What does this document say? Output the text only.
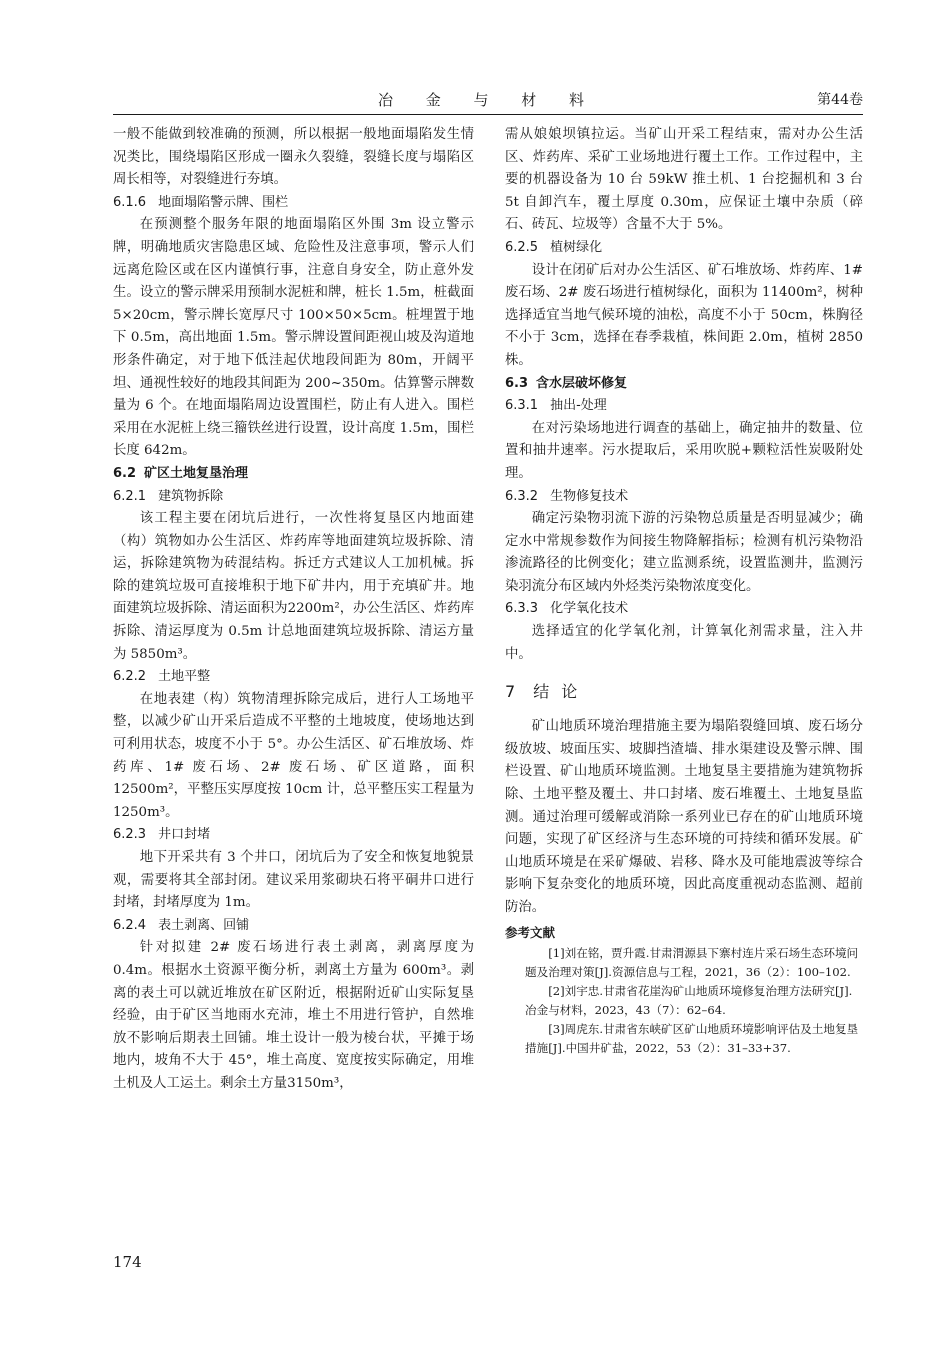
冶 金 与 材 料	第44卷

一般不能做到较准确的预测，所以根据一般地面塌陷发生情况类比，围绕塌陷区形成一圈永久裂缝，裂缝长度与塌陷区周长相等，对裂缝进行夯填。

6.1.6 地面塌陷警示牌、围栏

在预测整个服务年限的地面塌陷区外围 3m 设立警示牌，明确地质灾害隐患区域、危险性及注意事项，警示人们远离危险区或在区内谨慎行事，注意自身安全，防止意外发生。设立的警示牌采用预制水泥桩和牌，桩长 1.5m，桩截面 5×20cm，警示牌长宽厚尺寸 100×50×5cm。桩埋置于地下 0.5m，高出地面 1.5m。警示牌设置间距视山坡及沟道地形条件确定，对于地下低洼起伏地段间距为 80m，开阔平坦、通视性较好的地段其间距为 200~350m。估算警示牌数量为 6 个。在地面塌陷周边设置围栏，防止有人进入。围栏采用在水泥桩上绕三籀铁丝进行设置，设计高度 1.5m，围栏长度 642m。

6.2 矿区土地复垦治理
6.2.1 建筑物拆除

该工程主要在闭坑后进行，一次性将复垦区内地面建（构）筑物如办公生活区、炸药库等地面建筑垃圾拆除、清运，拆除建筑物为砖混结构。拆迁方式建议人工加机械。拆除的建筑垃圾可直接堆积于地下矿井内，用于充填矿井。地面建筑垃圾拆除、清运面积为2200m²，办公生活区、炸药库拆除、清运厚度为 0.5m 计总地面建筑垃圾拆除、清运方量为 5850m³。

6.2.2 土地平整

在地表建（构）筑物清理拆除完成后，进行人工场地平整，以减少矿山开采后造成不平整的土地坡度，使场地达到可利用状态，坡度不小于 5°。办公生活区、矿石堆放场、炸药库、1# 废石场、2# 废石场、矿区道路，面积 12500m²，平整压实厚度按 10cm 计，总平整压实工程量为 1250m³。

6.2.3 井口封堵

地下开采共有 3 个井口，闭坑后为了安全和恢复地貌景观，需要将其全部封闭。建议采用浆砌块石将平硐井口进行封堵，封堵厚度为 1m。

6.2.4 表土剥离、回铺

针对拟建 2# 废石场进行表土剥离，剥离厚度为 0.4m。根据水土资源平衡分析，剥离土方量为 600m³。剥离的表土可以就近堆放在矿区附近，根据附近矿山实际复垦经验，由于矿区当地雨水充沛，堆土不用进行管护，自然堆放不影响后期表土回铺。堆土设计一般为棱台状，平摊于场地内，坡角不大于 45°，堆土高度、宽度按实际确定，用堆土机及人工运土。剩余土方量3150m³，

需从娘娘坝镇拉运。当矿山开采工程结束，需对办公生活区、炸药库、采矿工业场地进行覆土工作。工作过程中，主要的机器设备为 10 台 59kW 推土机、1 台挖掘机和 3 台 5t 自卸汽车，覆土厚度 0.30m，应保证土壤中杂质（碎石、砖瓦、垃圾等）含量不大于 5%。

6.2.5 植树绿化

设计在闭矿后对办公生活区、矿石堆放场、炸药库、1# 废石场、2# 废石场进行植树绿化，面积为 11400m²，树种选择适宜当地气候环境的油松，高度不小于 50cm，株胸径不小于 3cm，选择在春季栽植，株间距 2.0m，植树 2850 株。

6.3 含水层破坏修复
6.3.1 抽出-处理

在对污染场地进行调查的基础上，确定抽井的数量、位置和抽井速率。污水提取后，采用吹脱+颗粒活性炭吸附处理。

6.3.2 生物修复技术

确定污染物羽流下游的污染物总质量是否明显减少；确定水中常规参数作为间接生物降解指标；检测有机污染物沿渗流路径的比例变化；建立监测系统，设置监测井，监测污染羽流分布区域内外烃类污染物浓度变化。

6.3.3 化学氧化技术

选择适宜的化学氧化剂，计算氧化剂需求量，注入井中。

7 结论

矿山地质环境治理措施主要为塌陷裂缝回填、废石场分级放坡、坡面压实、坡脚挡渣墙、排水渠建设及警示牌、围栏设置、矿山地质环境监测。土地复垦主要措施为建筑物拆除、土地平整及覆土、井口封堵、废石堆覆土、土地复垦监测。通过治理可缓解或消除一系列业已存在的矿山地质环境问题，实现了矿区经济与生态环境的可持续和循环发展。矿山地质环境是在采矿爆破、岩移、降水及可能地震波等综合影响下复杂变化的地质环境，因此高度重视动态监测、超前防治。

参考文献

[1]刘在铭，贾升霞.甘肃渭源县下寨村连片采石场生态环境问题及治理对策[J].资源信息与工程，2021，36（2）：100–102.

[2]刘宇忠.甘肃省花崖沟矿山地质环境修复治理方法研究[J].冶金与材料，2023，43（7）：62–64.

[3]周虎东.甘肃省东峡矿区矿山地质环境影响评估及土地复垦措施[J].中国井矿盐，2022，53（2）：31–33+37.

174
